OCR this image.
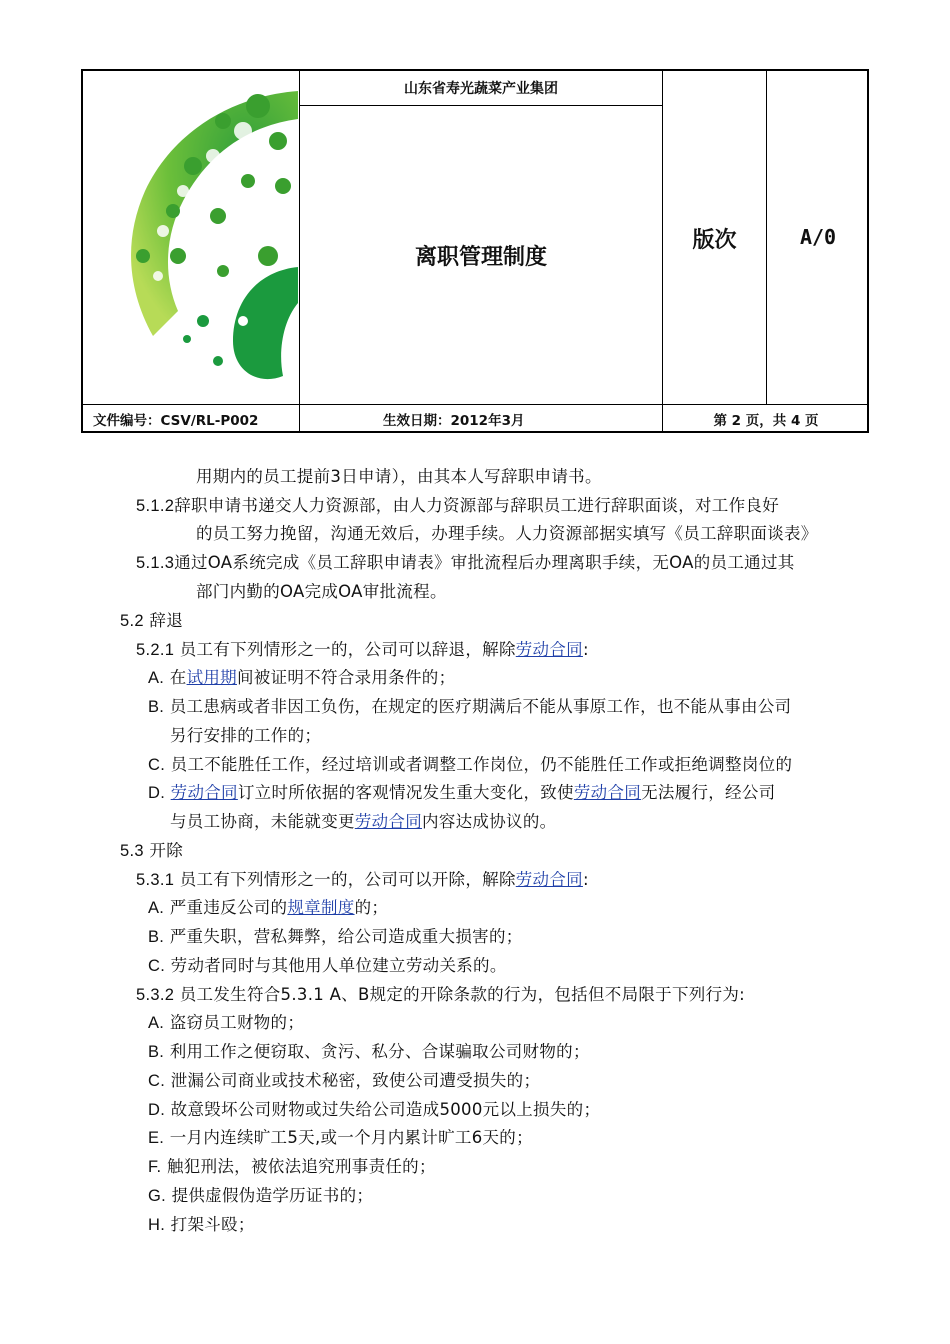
山东省寿光蔬菜产业集团
离职管理制度
版次	A/0
文件编号：CSV/RL-P002	生效日期：2012年3月	第 2 页，共 4 页
用期内的员工提前3日申请），由其本人写辞职申请书。
5.1.2辞职申请书递交人力资源部，由人力资源部与辞职员工进行辞职面谈，对工作良好
的员工努力挽留，沟通无效后，办理手续。人力资源部据实填写《员工辞职面谈表》
5.1.3通过OA系统完成《员工辞职申请表》审批流程后办理离职手续，无OA的员工通过其
部门内勤的OA完成OA审批流程。
5.2 辞退
5.2.1 员工有下列情形之一的，公司可以辞退，解除劳动合同:
A. 在试用期间被证明不符合录用条件的；
B. 员工患病或者非因工负伤，在规定的医疗期满后不能从事原工作，也不能从事由公司
另行安排的工作的；
C. 员工不能胜任工作，经过培训或者调整工作岗位，仍不能胜任工作或拒绝调整岗位的
D. 劳动合同订立时所依据的客观情况发生重大变化，致使劳动合同无法履行，经公司
与员工协商，未能就变更劳动合同内容达成协议的。
5.3 开除
5.3.1 员工有下列情形之一的，公司可以开除，解除劳动合同:
A. 严重违反公司的规章制度的；
B. 严重失职，营私舞弊，给公司造成重大损害的；
C. 劳动者同时与其他用人单位建立劳动关系的。
5.3.2 员工发生符合5.3.1 A、B规定的开除条款的行为，包括但不局限于下列行为:
A. 盗窃员工财物的；
B. 利用工作之便窃取、贪污、私分、合谋骗取公司财物的；
C. 泄漏公司商业或技术秘密，致使公司遭受损失的；
D. 故意毁坏公司财物或过失给公司造成5000元以上损失的；
E. 一月内连续旷工5天,或一个月内累计旷工6天的；
F. 触犯刑法，被依法追究刑事责任的；
G. 提供虚假伪造学历证书的；
H. 打架斗殴；
